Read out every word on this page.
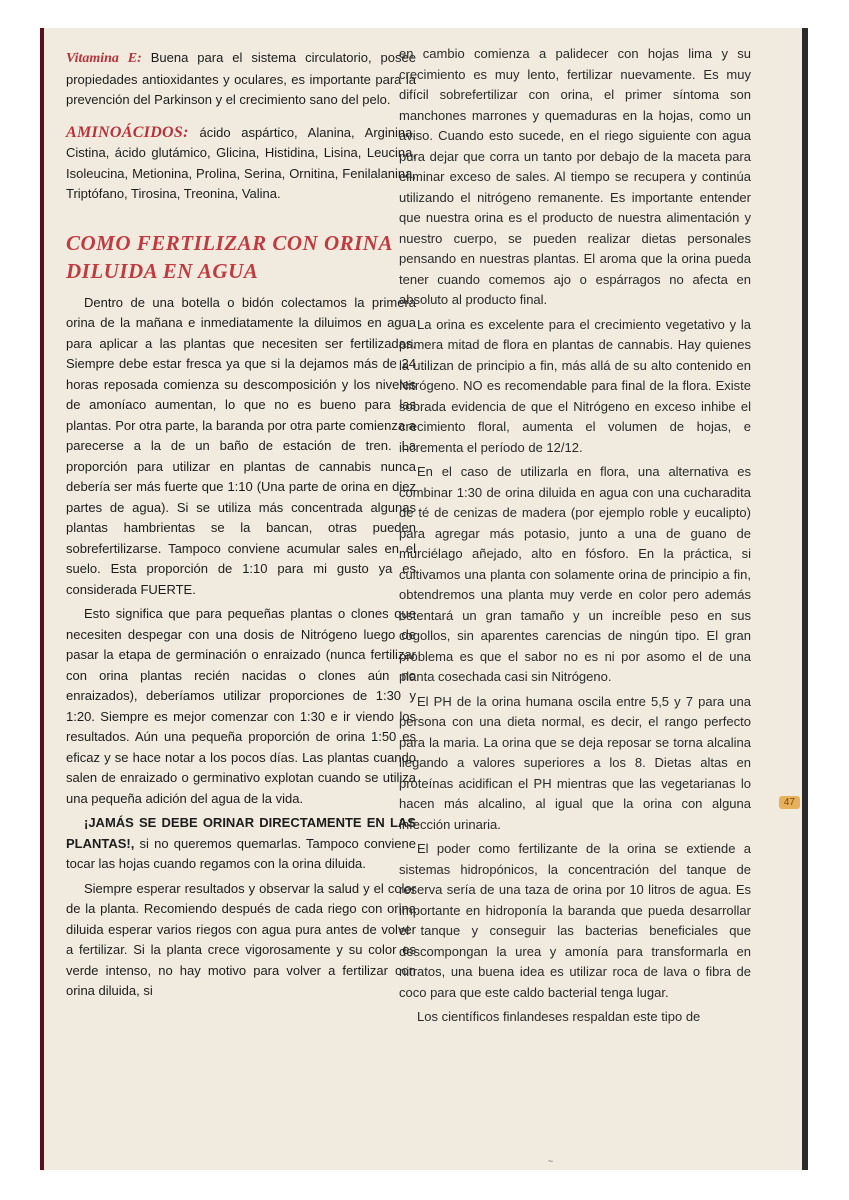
Vitamina E: Buena para el sistema circulatorio, posee propiedades antioxidantes y oculares, es importante para la prevención del Parkinson y el crecimiento sano del pelo.

AMINOÁCIDOS: ácido aspártico, Alanina, Arginina, Cistina, ácido glutámico, Glicina, Histidina, Lisina, Leucina, Isoleucina, Metionina, Prolina, Serina, Ornitina, Fenilalanina, Triptófano, Tirosina, Treonina, Valina.

COMO FERTILIZAR CON ORINA DILUIDA EN AGUA

Dentro de una botella o bidón colectamos la primera orina de la mañana e inmediatamente la diluimos en agua para aplicar a las plantas que necesiten ser fertilizadas. Siempre debe estar fresca ya que si la dejamos más de 24 horas reposada comienza su descomposición y los niveles de amoníaco aumentan, lo que no es bueno para las plantas. Por otra parte, la baranda por otra parte comienza a parecerse a la de un baño de estación de tren. La proporción para utilizar en plantas de cannabis nunca debería ser más fuerte que 1:10 (Una parte de orina en diez partes de agua). Si se utiliza más concentrada algunas plantas hambrientas se la bancan, otras pueden sobrefertilizarse. Tampoco conviene acumular sales en el suelo. Esta proporción de 1:10 para mi gusto ya es considerada FUERTE.

Esto significa que para pequeñas plantas o clones que necesiten despegar con una dosis de Nitrógeno luego de pasar la etapa de germinación o enraizado (nunca fertilizar con orina plantas recién nacidas o clones aún no enraizados), deberíamos utilizar proporciones de 1:30 y 1:20. Siempre es mejor comenzar con 1:30 e ir viendo los resultados. Aún una pequeña proporción de orina 1:50 es eficaz y se hace notar a los pocos días. Las plantas cuando salen de enraizado o germinativo explotan cuando se utiliza una pequeña adición del agua de la vida.

¡JAMÁS SE DEBE ORINAR DIRECTAMENTE EN LAS PLANTAS!, si no queremos quemarlas. Tampoco conviene tocar las hojas cuando regamos con la orina diluida.

Siempre esperar resultados y observar la salud y el color de la planta. Recomiendo después de cada riego con orina diluida esperar varios riegos con agua pura antes de volver a fertilizar. Si la planta crece vigorosamente y su color es verde intenso, no hay motivo para volver a fertilizar con orina diluida, si

en cambio comienza a palidecer con hojas lima y su crecimiento es muy lento, fertilizar nuevamente. Es muy difícil sobrefertilizar con orina, el primer síntoma son manchones marrones y quemaduras en la hojas, como un aviso. Cuando esto sucede, en el riego siguiente con agua pura dejar que corra un tanto por debajo de la maceta para eliminar exceso de sales. Al tiempo se recupera y continúa utilizando el nitrógeno remanente. Es importante entender que nuestra orina es el producto de nuestra alimentación y nuestro cuerpo, se pueden realizar dietas personales pensando en nuestras plantas. El aroma que la orina pueda tener cuando comemos ajo o espárragos no afecta en absoluto al producto final.

La orina es excelente para el crecimiento vegetativo y la primera mitad de flora en plantas de cannabis. Hay quienes la utilizan de principio a fin, más allá de su alto contenido en Nitrógeno. NO es recomendable para final de la flora. Existe sobrada evidencia de que el Nitrógeno en exceso inhibe el crecimiento floral, aumenta el volumen de hojas, e incrementa el período de 12/12.

En el caso de utilizarla en flora, una alternativa es combinar 1:30 de orina diluida en agua con una cucharadita de té de cenizas de madera (por ejemplo roble y eucalipto) para agregar más potasio, junto a una de guano de murciélago añejado, alto en fósforo. En la práctica, si cultivamos una planta con solamente orina de principio a fin, obtendremos una planta muy verde en color pero además ostentará un gran tamaño y un increíble peso en sus cogollos, sin aparentes carencias de ningún tipo. El gran problema es que el sabor no es ni por asomo el de una planta cosechada casi sin Nitrógeno.

El PH de la orina humana oscila entre 5,5 y 7 para una persona con una dieta normal, es decir, el rango perfecto para la maria. La orina que se deja reposar se torna alcalina llegando a valores superiores a los 8. Dietas altas en proteínas acidifican el PH mientras que las vegetarianas lo hacen más alcalino, al igual que la orina con alguna infección urinaria.

El poder como fertilizante de la orina se extiende a sistemas hidropónicos, la concentración del tanque de reserva sería de una taza de orina por 10 litros de agua. Es importante en hidroponía la baranda que pueda desarrollar el tanque y conseguir las bacterias beneficiales que descompongan la urea y amonía para transformarla en nitratos, una buena idea es utilizar roca de lava o fibra de coco para que este caldo bacterial tenga lugar.

Los científicos finlandeses respaldan este tipo de

47
~
